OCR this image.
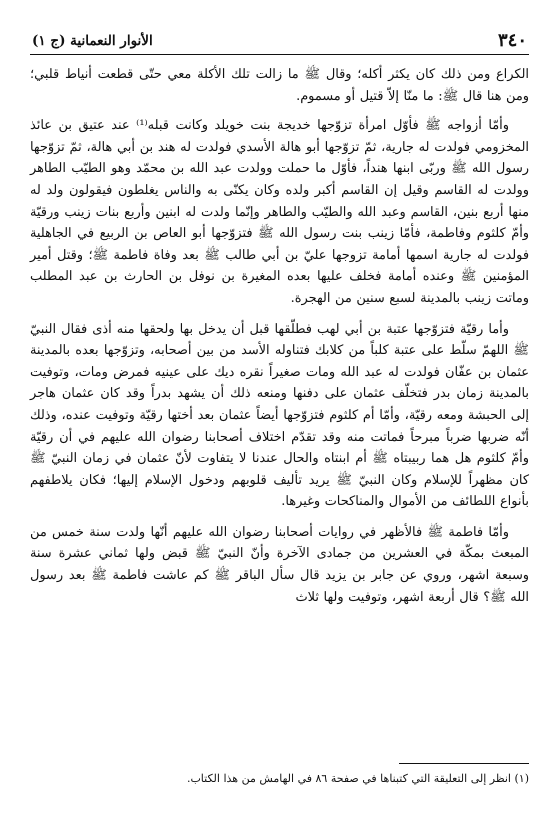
٣٤٠
الأنوار النعمانية (ج ١)

الكراع ومن ذلك كان يكثر أكله؛ وقال ﷺ ما زالت تلك الأكلة معي حتّى قطعت أنياط قلبي؛ ومن هنا قال ﷺ: ما منّا إلاّ قتيل أو مسموم.

وأمّا أزواجه ﷺ فأوّل امرأة تزوّجها خديجة بنت خويلد وكانت قبله⁽¹⁾ عند عتيق بن عائذ المخزومي فولدت له جارية، ثمّ تزوّجها أبو هالة الأسدي فولدت له هند بن أبي هالة، ثمّ تزوّجها رسول الله ﷺ وربّى ابنها هنداً، فأوّل ما حملت وولدت عبد الله بن محمّد وهو الطيّب الطاهر وولدت له القاسم وقيل إن القاسم أكبر ولده وكان يكنّى به والناس يغلطون فيقولون ولد له منها أربع بنين، القاسم وعبد الله والطيّب والطاهر وإنّما ولدت له ابنين وأربع بنات زينب ورقيّة وأمّ كلثوم وفاطمة، فأمّا زينب بنت رسول الله ﷺ فتزوّجها أبو العاص بن الربيع في الجاهلية فولدت له جارية اسمها أمامة تزوجها عليّ بن أبي طالب ﷺ بعد وفاة فاطمة ﷺ؛ وقتل أمير المؤمنين ﷺ وعنده أمامة فخلف عليها بعده المغيرة بن نوفل بن الحارث بن عبد المطلب وماتت زينب بالمدينة لسبع سنين من الهجرة.

وأما رقيّة فتزوّجها عتبة بن أبي لهب فطلّقها قبل أن يدخل بها ولحقها منه أذى فقال النبيّ ﷺ اللهمّ سلّط على عتبة كلباً من كلابك فتناوله الأسد من بين أصحابه، وتزوّجها بعده بالمدينة عثمان بن عفّان فولدت له عبد الله ومات صغيراً نقره ديك على عينيه فمرض ومات، وتوفيت بالمدينة زمان بدر فتخلّف عثمان على دفنها ومنعه ذلك أن يشهد بدراً وقد كان عثمان هاجر إلى الحبشة ومعه رقيّة، وأمّا أم كلثوم فتزوّجها أيضاً عثمان بعد أختها رقيّة وتوفيت عنده، وذلك أنّه ضربها ضرباً مبرحاً فماتت منه وقد تقدّم اختلاف أصحابنا رضوان الله عليهم في أن رقيّة وأمّ كلثوم هل هما ربيبتاه ﷺ أم ابنتاه والحال عندنا لا يتفاوت لأنّ عثمان في زمان النبيّ ﷺ كان مظهراً للإسلام وكان النبيّ ﷺ يريد تأليف قلوبهم ودخول الإسلام إليها؛ فكان يلاطفهم بأنواع اللطائف من الأموال والمناكحات وغيرها.

وأمّا فاطمة ﷺ فالأظهر في روايات أصحابنا رضوان الله عليهم أنّها ولدت سنة خمس من المبعث بمكّة في العشرين من جمادى الآخرة وأنّ النبيّ ﷺ قبض ولها ثماني عشرة سنة وسبعة اشهر، وروي عن جابر بن يزيد قال سأل الباقر ﷺ كم عاشت فاطمة ﷺ بعد رسول الله ﷺ؟ قال أربعة اشهر، وتوفيت ولها ثلاث

(١) انظر إلى التعليقة التي كتبناها في صفحة ٨٦ في الهامش من هذا الكتاب.
